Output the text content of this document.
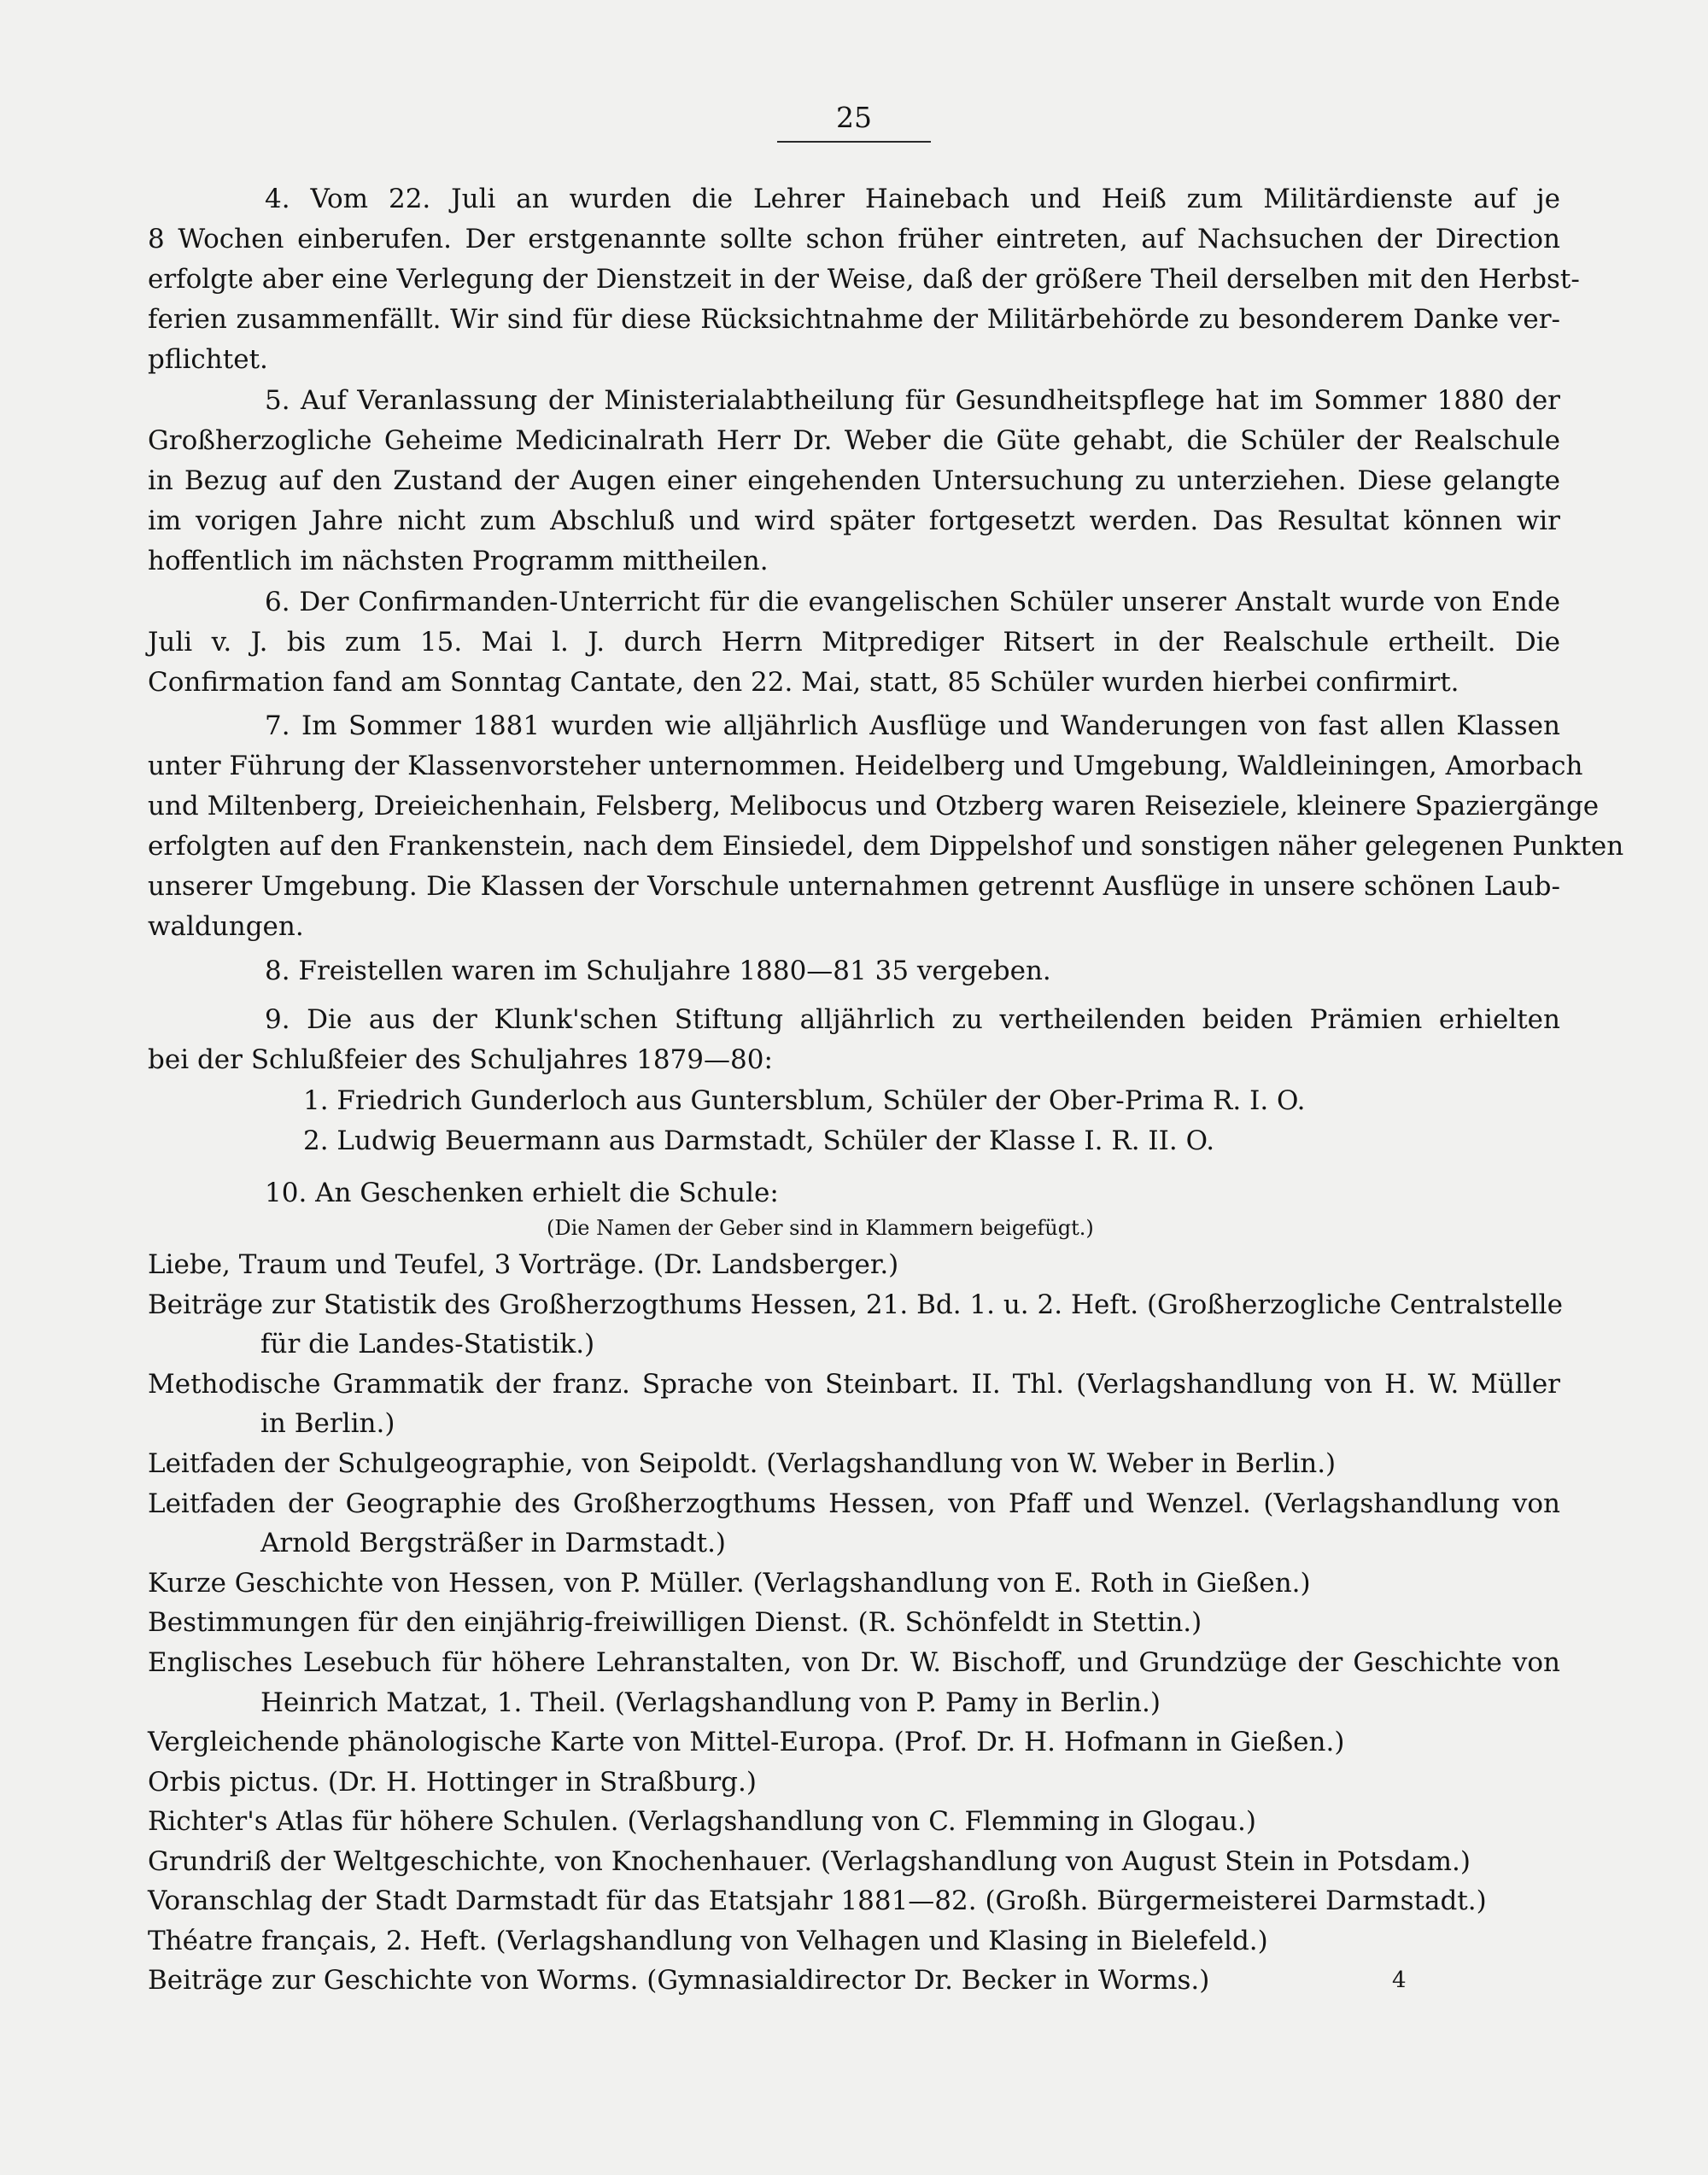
25
4. Vom 22. Juli an wurden die Lehrer Hainebach und Heiß zum Militärdienste auf je
8 Wochen einberufen. Der erstgenannte sollte schon früher eintreten, auf Nachsuchen der Direction
erfolgte aber eine Verlegung der Dienstzeit in der Weise, daß der größere Theil derselben mit den Herbst-
ferien zusammenfällt. Wir sind für diese Rücksichtnahme der Militärbehörde zu besonderem Danke ver-
pflichtet.
5. Auf Veranlassung der Ministerialabtheilung für Gesundheitspflege hat im Sommer 1880 der
Großherzogliche Geheime Medicinalrath Herr Dr. Weber die Güte gehabt, die Schüler der Realschule
in Bezug auf den Zustand der Augen einer eingehenden Untersuchung zu unterziehen. Diese gelangte
im vorigen Jahre nicht zum Abschluß und wird später fortgesetzt werden. Das Resultat können wir
hoffentlich im nächsten Programm mittheilen.
6. Der Confirmanden-Unterricht für die evangelischen Schüler unserer Anstalt wurde von Ende
Juli v. J. bis zum 15. Mai l. J. durch Herrn Mitprediger Ritsert in der Realschule ertheilt. Die
Confirmation fand am Sonntag Cantate, den 22. Mai, statt, 85 Schüler wurden hierbei confirmirt.
7. Im Sommer 1881 wurden wie alljährlich Ausflüge und Wanderungen von fast allen Klassen
unter Führung der Klassenvorsteher unternommen. Heidelberg und Umgebung, Waldleiningen, Amorbach
und Miltenberg, Dreieichenhain, Felsberg, Melibocus und Otzberg waren Reiseziele, kleinere Spaziergänge
erfolgten auf den Frankenstein, nach dem Einsiedel, dem Dippelshof und sonstigen näher gelegenen Punkten
unserer Umgebung. Die Klassen der Vorschule unternahmen getrennt Ausflüge in unsere schönen Laub-
waldungen.
8. Freistellen waren im Schuljahre 1880—81 35 vergeben.
9. Die aus der Klunk'schen Stiftung alljährlich zu vertheilenden beiden Prämien erhielten
bei der Schlußfeier des Schuljahres 1879—80:
1. Friedrich Gunderloch aus Guntersblum, Schüler der Ober-Prima R. I. O.
2. Ludwig Beuermann aus Darmstadt, Schüler der Klasse I. R. II. O.
10. An Geschenken erhielt die Schule:
(Die Namen der Geber sind in Klammern beigefügt.)
Liebe, Traum und Teufel, 3 Vorträge. (Dr. Landsberger.)
Beiträge zur Statistik des Großherzogthums Hessen, 21. Bd. 1. u. 2. Heft. (Großherzogliche Centralstelle
für die Landes-Statistik.)
Methodische Grammatik der franz. Sprache von Steinbart. II. Thl. (Verlagshandlung von H. W. Müller
in Berlin.)
Leitfaden der Schulgeographie, von Seipoldt. (Verlagshandlung von W. Weber in Berlin.)
Leitfaden der Geographie des Großherzogthums Hessen, von Pfaff und Wenzel. (Verlagshandlung von
Arnold Bergsträßer in Darmstadt.)
Kurze Geschichte von Hessen, von P. Müller. (Verlagshandlung von E. Roth in Gießen.)
Bestimmungen für den einjährig-freiwilligen Dienst. (R. Schönfeldt in Stettin.)
Englisches Lesebuch für höhere Lehranstalten, von Dr. W. Bischoff, und Grundzüge der Geschichte von
Heinrich Matzat, 1. Theil. (Verlagshandlung von P. Pamy in Berlin.)
Vergleichende phänologische Karte von Mittel-Europa. (Prof. Dr. H. Hofmann in Gießen.)
Orbis pictus. (Dr. H. Hottinger in Straßburg.)
Richter's Atlas für höhere Schulen. (Verlagshandlung von C. Flemming in Glogau.)
Grundriß der Weltgeschichte, von Knochenhauer. (Verlagshandlung von August Stein in Potsdam.)
Voranschlag der Stadt Darmstadt für das Etatsjahr 1881—82. (Großh. Bürgermeisterei Darmstadt.)
Théatre français, 2. Heft. (Verlagshandlung von Velhagen und Klasing in Bielefeld.)
Beiträge zur Geschichte von Worms. (Gymnasialdirector Dr. Becker in Worms.)	4
